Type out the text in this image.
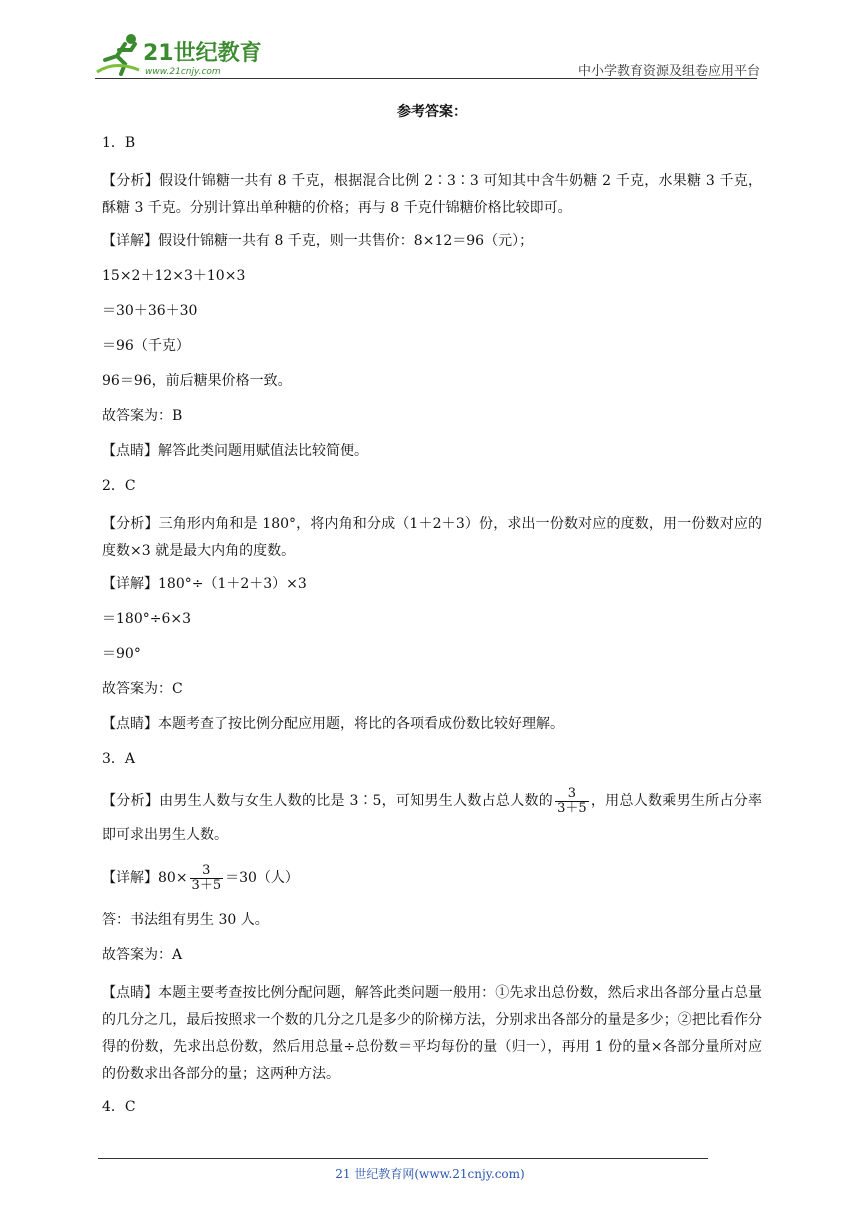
21世纪教育
www.21cnjy.com	中小学教育资源及组卷应用平台
参考答案：
1．B
【分析】假设什锦糖一共有 8 千克，根据混合比例 2∶3∶3 可知其中含牛奶糖 2 千克，水果糖 3 千克，酥糖 3 千克。分别计算出单种糖的价格；再与 8 千克什锦糖价格比较即可。
【详解】假设什锦糖一共有 8 千克，则一共售价：8×12＝96（元）；
15×2＋12×3＋10×3
＝30＋36＋30
＝96（千克）
96＝96，前后糖果价格一致。
故答案为：B
【点睛】解答此类问题用赋值法比较简便。
2．C
【分析】三角形内角和是 180°，将内角和分成（1＋2＋3）份，求出一份数对应的度数，用一份数对应的度数×3 就是最大内角的度数。
【详解】180°÷（1＋2＋3）×3
＝180°÷6×3
＝90°
故答案为：C
【点睛】本题考查了按比例分配应用题，将比的各项看成份数比较好理解。
3．A
【分析】由男生人数与女生人数的比是 3∶5，可知男生人数占总人数的 $\frac{3}{3+5}$ ，用总人数乘男生所占分率即可求出男生人数。
【详解】$80\times \frac{3}{3+5} =30$（人）
答：书法组有男生 30 人。
故答案为：A
【点睛】本题主要考查按比例分配问题，解答此类问题一般用：①先求出总份数，然后求出各部分量占总量的几分之几，最后按照求一个数的几分之几是多少的阶梯方法，分别求出各部分的量是多少；②把比看作分得的份数，先求出总份数，然后用总量÷总份数＝平均每份的量（归一），再用 1 份的量×各部分量所对应的份数求出各部分的量；这两种方法。
4．C
21 世纪教育网(www.21cnjy.com)
